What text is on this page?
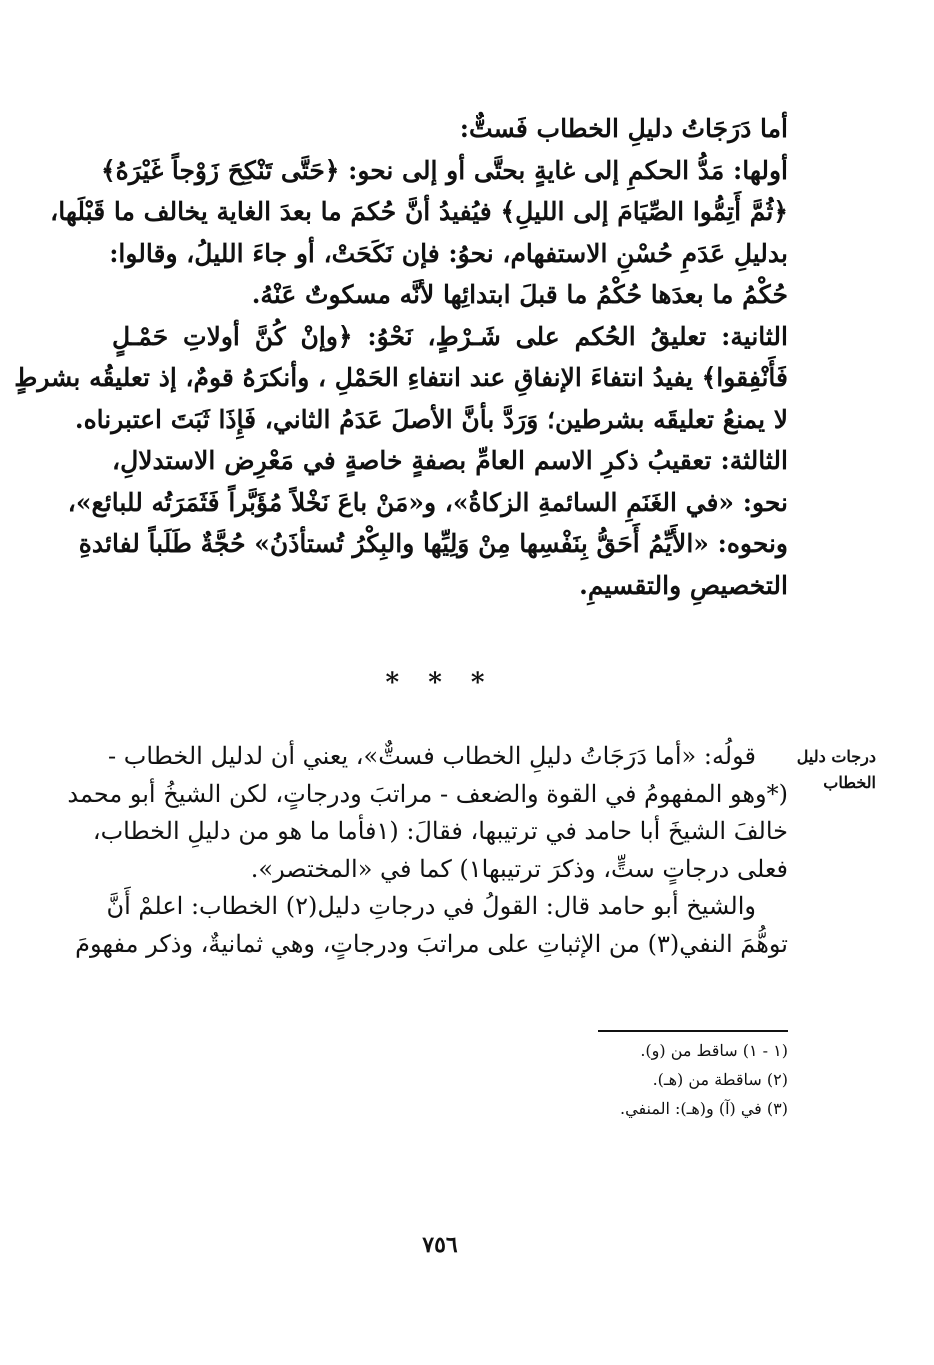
أما دَرَجَاتُ دليلِ الخطاب فَستٌّ:
أولها: مَدُّ الحكمِ إلى غايةٍ بحتَّى أو إلى نحو: ﴿حَتَّى تَنْكِحَ زَوْجاً غَيْرَهُ﴾
﴿ثُمَّ أَتِمُّوا الصِّيَامَ إلى الليلِ﴾ فيُفيدُ أنَّ حُكمَ ما بعدَ الغاية يخالف ما قَبْلَها،
بدليلِ عَدَمِ حُسْنِ الاستفهام، نحوُ: فإن نَكَحَتْ، أو جاءَ الليلُ، وقالوا:
حُكْمُ ما بعدَها حُكْمُ ما قبلَ ابتدائِها لأنَّه مسكوتٌ عَنْهُ.
الثانية: تعليقُ الحُكم على شَـرْطٍ، نَحْوُ: ﴿وإنْ كُنَّ أولاتِ حَمْـلٍ
فَأَنْفِقوا﴾ يفيدُ انتفاءَ الإنفاقِ عند انتفاءِ الحَمْلِ ، وأنكرَهُ قومٌ، إذ تعليقُه بشرطٍ
لا يمنعُ تعليقَه بشرطين؛ وَرَدَّ بأنَّ الأصلَ عَدَمُ الثاني، فَإِذَا ثَبَتَ اعتبرناه.
الثالثة: تعقيبُ ذكرِ الاسم العامِّ بصفةٍ خاصةٍ في مَعْرِض الاستدلالِ،
نحو: «في الغَنَمِ السائمةِ الزكاةُ»، و«مَنْ باعَ نَخْلاً مُؤَبَّراً فَثَمَرَتُه للبائع»،
ونحوه: «الأَيِّمُ أَحَقُّ بِنَفْسِها مِنْ وَلِيِّها والبِكْرُ تُستأذَنُ» حُجَّةٌ طَلَباً لفائدةِ
التخصيصِ والتقسيمِ.
* * *
درجات دليل الخطاب
قولُه: «أما دَرَجَاتُ دليلِ الخطاب فستٌّ»، يعني أن لدليل الخطاب -
(*وهو المفهومُ في القوة والضعف - مراتبَ ودرجاتٍ، لكن الشيخُ أبو محمد
خالفَ الشيخَ أبا حامد في ترتيبها، فقالَ: (١فأما ما هو من دليلِ الخطاب،
فعلى درجاتٍ ستٍّ، وذكرَ ترتيبها١) كما في «المختصر».
والشيخ أبو حامد قال: القولُ في درجاتِ دليل(٢) الخطاب: اعلمْ أَنَّ
توهُّمَ النفي(٣) من الإثباتِ على مراتبَ ودرجاتٍ، وهي ثمانيةٌ، وذكر مفهومَ
(١ - ١) ساقط من (و).
(٢) ساقطة من (هـ).
(٣) في (آ) و(هـ): المنفي.
٧٥٦
